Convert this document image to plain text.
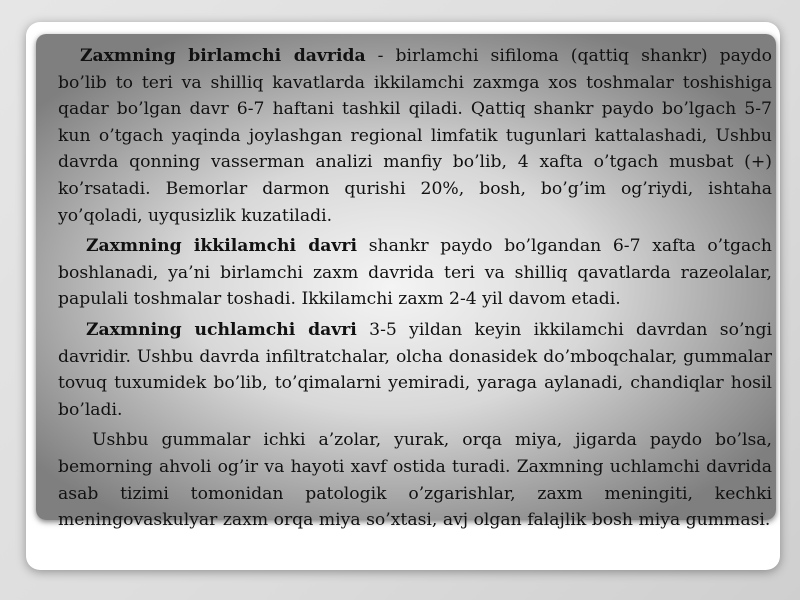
Zaxmning birlamchi davrida - birlamchi sifiloma (qattiq shankr) paydo bo’lib to teri va shilliq kavatlarda ikkilamchi zaxmga xos toshmalar toshishiga qadar bo’lgan davr 6-7 haftani tashkil qiladi. Qattiq shankr paydo bo’lgach 5-7 kun o’tgach yaqinda joylashgan regional limfatik tugunlari kattalashadi, Ushbu davrda qonning vasserman analizi manfiy bo’lib, 4 xafta o’tgach musbat (+) ko’rsatadi. Bemorlar darmon qurishi 20%, bosh, bo’g’im og’riydi, ishtaha yo’qoladi, uyqusizlik kuzatiladi.

Zaxmning ikkilamchi davri shankr paydo bo’lgandan 6-7 xafta o’tgach boshlanadi, ya’ni birlamchi zaxm davrida teri va shilliq qavatlarda razeolalar, papulali toshmalar toshadi. Ikkilamchi zaxm 2-4 yil davom etadi.

Zaxmning uchlamchi davri 3-5 yildan keyin ikkilamchi davrdan so’ngi davridir. Ushbu davrda infiltratchalar, olcha donasidek do’mboqchalar, gummalar tovuq tuxumidek bo’lib, to’qimalarni yemiradi, yaraga aylanadi, chandiqlar hosil bo’ladi.

Ushbu gummalar ichki a’zolar, yurak, orqa miya, jigarda paydo bo’lsa, bemorning ahvoli og’ir va hayoti xavf ostida turadi. Zaxmning uchlamchi davrida asab tizimi tomonidan patologik o’zgarishlar, zaxm meningiti, kechki meningovaskulyar zaxm orqa miya so’xtasi, avj olgan falajlik bosh miya gummasi.
